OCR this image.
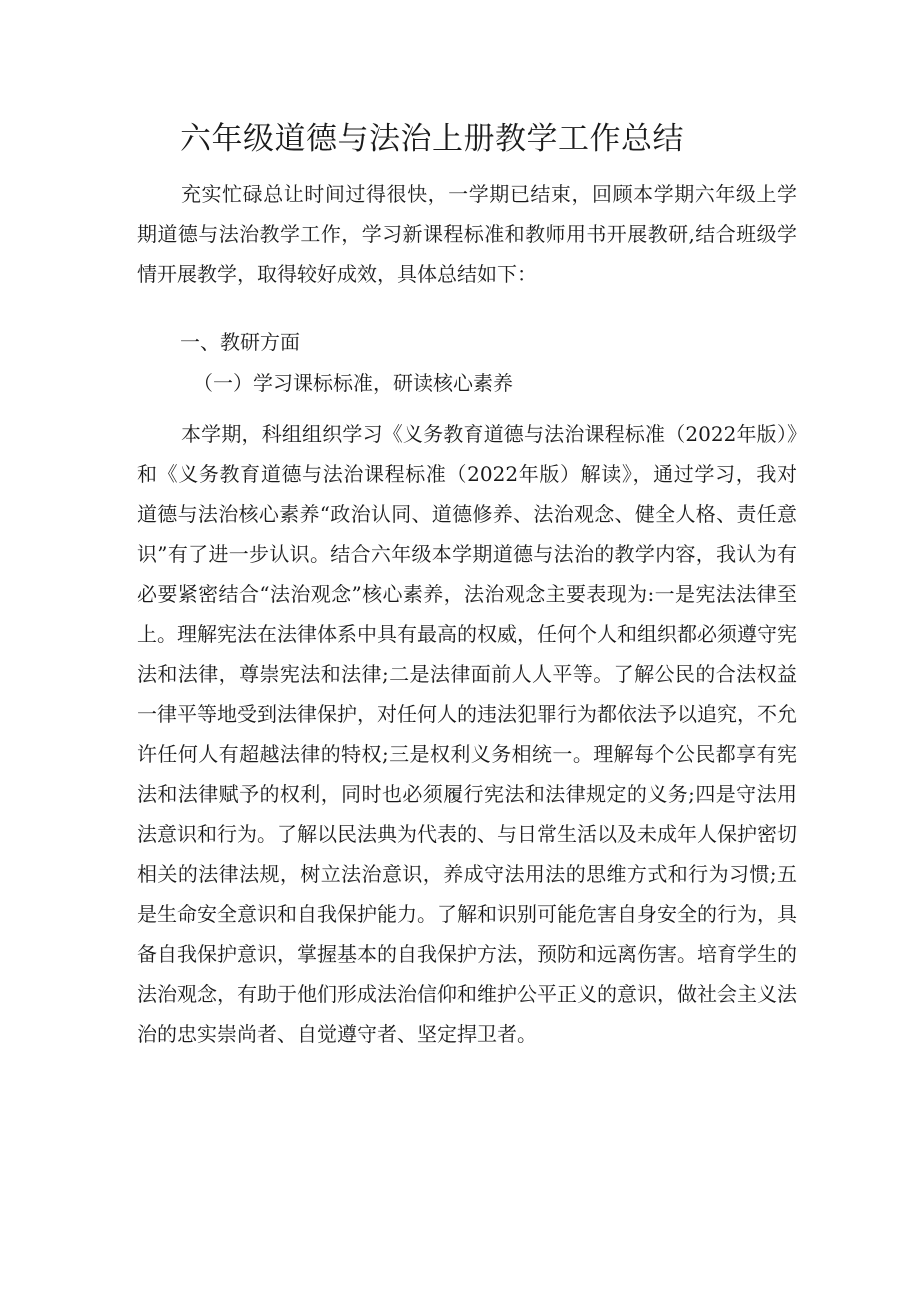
六年级道德与法治上册教学工作总结

充实忙碌总让时间过得很快，一学期已结束，回顾本学期六年级上学期道德与法治教学工作，学习新课程标准和教师用书开展教研,结合班级学情开展教学，取得较好成效，具体总结如下：

一、教研方面
（一）学习课标标准，研读核心素养

本学期，科组组织学习《义务教育道德与法治课程标准（2022年版）》和《义务教育道德与法治课程标准（2022年版）解读》，通过学习，我对道德与法治核心素养“政治认同、道德修养、法治观念、健全人格、责任意识”有了进一步认识。结合六年级本学期道德与法治的教学内容，我认为有必要紧密结合“法治观念”核心素养，法治观念主要表现为:一是宪法法律至上。理解宪法在法律体系中具有最高的权威，任何个人和组织都必须遵守宪法和法律，尊崇宪法和法律;二是法律面前人人平等。了解公民的合法权益一律平等地受到法律保护，对任何人的违法犯罪行为都依法予以追究，不允许任何人有超越法律的特权;三是权利义务相统一。理解每个公民都享有宪法和法律赋予的权利，同时也必须履行宪法和法律规定的义务;四是守法用法意识和行为。了解以民法典为代表的、与日常生活以及未成年人保护密切相关的法律法规，树立法治意识，养成守法用法的思维方式和行为习惯;五是生命安全意识和自我保护能力。了解和识别可能危害自身安全的行为，具备自我保护意识，掌握基本的自我保护方法，预防和远离伤害。培育学生的法治观念，有助于他们形成法治信仰和维护公平正义的意识，做社会主义法治的忠实崇尚者、自觉遵守者、坚定捍卫者。
